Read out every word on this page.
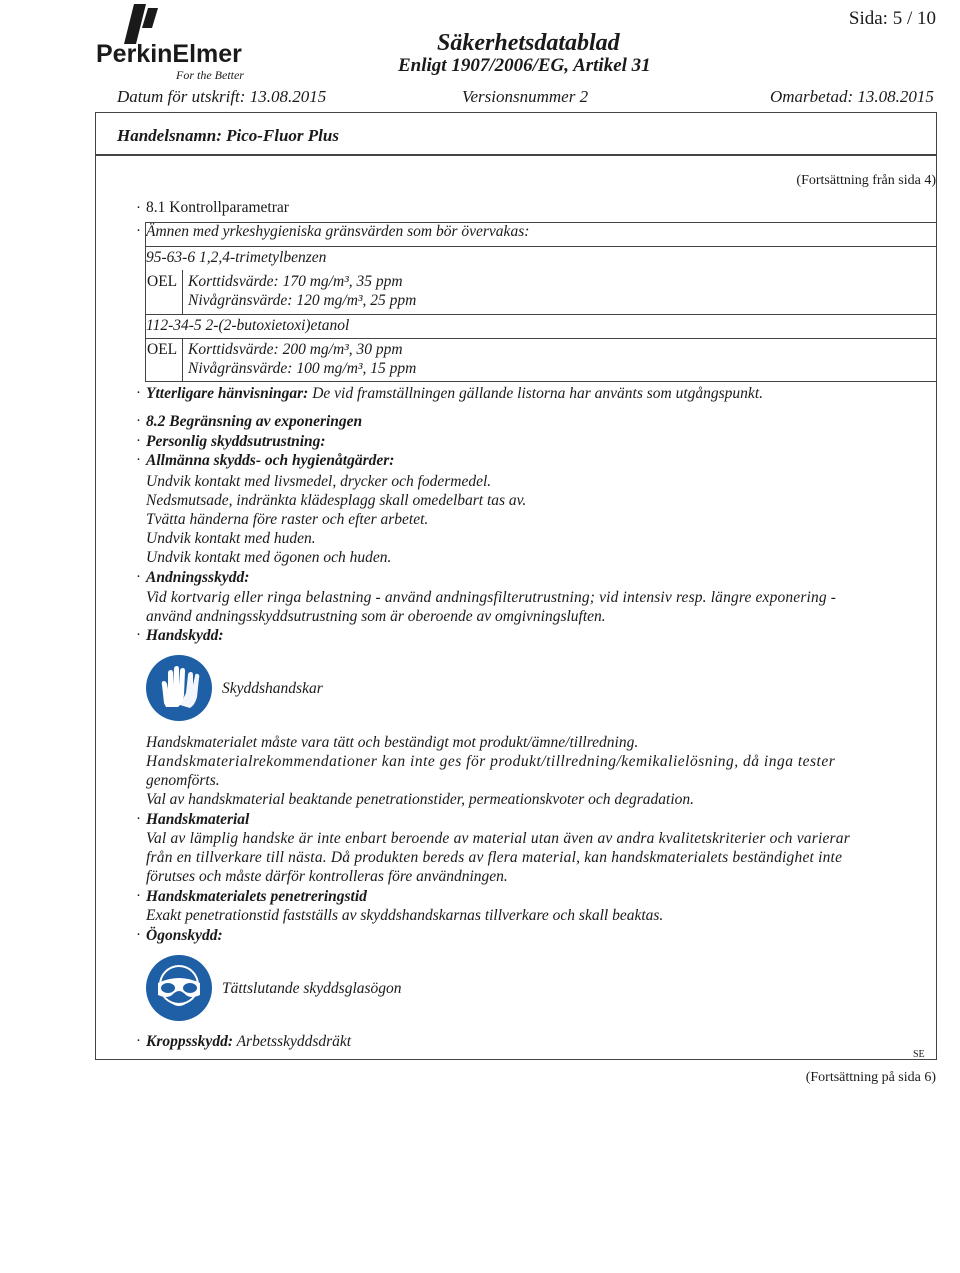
PerkinElmer
For the Better
Sida: 5 / 10
Säkerhetsdatablad
Enligt 1907/2006/EG, Artikel 31
Datum för utskrift: 13.08.2015	Versionsnummer 2	Omarbetad: 13.08.2015
Handelsnamn: Pico-Fluor Plus
(Fortsättning från sida 4)
· 8.1 Kontrollparametrar
· Ämnen med yrkeshygieniska gränsvärden som bör övervakas:
95-63-6 1,2,4-trimetylbenzen
OEL Korttidsvärde: 170 mg/m³, 35 ppm
Nivågränsvärde: 120 mg/m³, 25 ppm
112-34-5 2-(2-butoxietoxi)etanol
OEL Korttidsvärde: 200 mg/m³, 30 ppm
Nivågränsvärde: 100 mg/m³, 15 ppm
· Ytterligare hänvisningar: De vid framställningen gällande listorna har använts som utgångspunkt.
· 8.2 Begränsning av exponeringen
· Personlig skyddsutrustning:
· Allmänna skydds- och hygienåtgärder:
Undvik kontakt med livsmedel, drycker och fodermedel.
Nedsmutsade, indränkta klädesplagg skall omedelbart tas av.
Tvätta händerna före raster och efter arbetet.
Undvik kontakt med huden.
Undvik kontakt med ögonen och huden.
· Andningsskydd:
Vid kortvarig eller ringa belastning - använd andningsfilterutrustning; vid intensiv resp. längre exponering -
använd andningsskyddsutrustning som är oberoende av omgivningsluften.
· Handskydd:
Skyddshandskar
Handskmaterialet måste vara tätt och beständigt mot produkt/ämne/tillredning.
Handskmaterialrekommendationer kan inte ges för produkt/tillredning/kemikalielösning, då inga tester
genomförts.
Val av handskmaterial beaktande penetrationstider, permeationskvoter och degradation.
· Handskmaterial
Val av lämplig handske är inte enbart beroende av material utan även av andra kvalitetskriterier och varierar
från en tillverkare till nästa. Då produkten bereds av flera material, kan handskmaterialets beständighet inte
förutses och måste därför kontrolleras före användningen.
· Handskmaterialets penetreringstid
Exakt penetrationstid fastställs av skyddshandskarnas tillverkare och skall beaktas.
· Ögonskydd:
Tättslutande skyddsglasögon
· Kroppsskydd: Arbetsskyddsdräkt
SE
(Fortsättning på sida 6)
